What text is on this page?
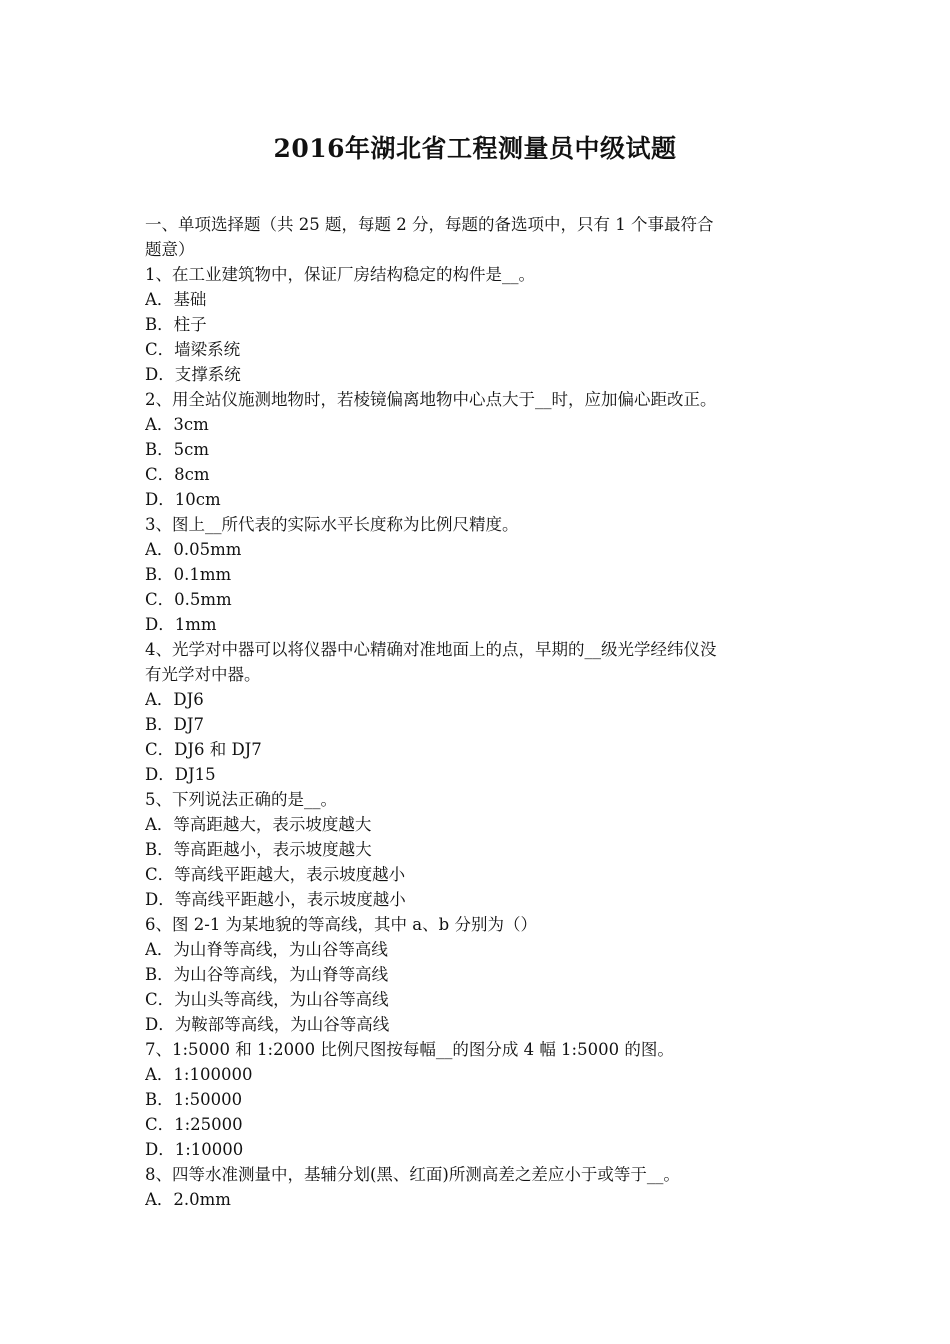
2016年湖北省工程测量员中级试题
一、单项选择题（共 25 题，每题 2 分，每题的备选项中，只有 1 个事最符合
题意）
1、在工业建筑物中，保证厂房结构稳定的构件是__。
A．基础
B．柱子
C．墙梁系统
D．支撑系统
2、用全站仪施测地物时，若棱镜偏离地物中心点大于__时，应加偏心距改正。
A．3cm
B．5cm
C．8cm
D．10cm
3、图上__所代表的实际水平长度称为比例尺精度。
A．0.05mm
B．0.1mm
C．0.5mm
D．1mm
4、光学对中器可以将仪器中心精确对准地面上的点，早期的__级光学经纬仪没
有光学对中器。
A．DJ6
B．DJ7
C．DJ6 和 DJ7
D．DJ15
5、下列说法正确的是__。
A．等高距越大，表示坡度越大
B．等高距越小，表示坡度越大
C．等高线平距越大，表示坡度越小
D．等高线平距越小，表示坡度越小
6、图 2-1 为某地貌的等高线，其中 a、b 分别为（）
A．为山脊等高线，为山谷等高线
B．为山谷等高线，为山脊等高线
C．为山头等高线，为山谷等高线
D．为鞍部等高线，为山谷等高线
7、1:5000 和 1:2000 比例尺图按每幅__的图分成 4 幅 1:5000 的图。
A．1:100000
B．1:50000
C．1:25000
D．1:10000
8、四等水准测量中，基辅分划(黑、红面)所测高差之差应小于或等于__。
A．2.0mm
